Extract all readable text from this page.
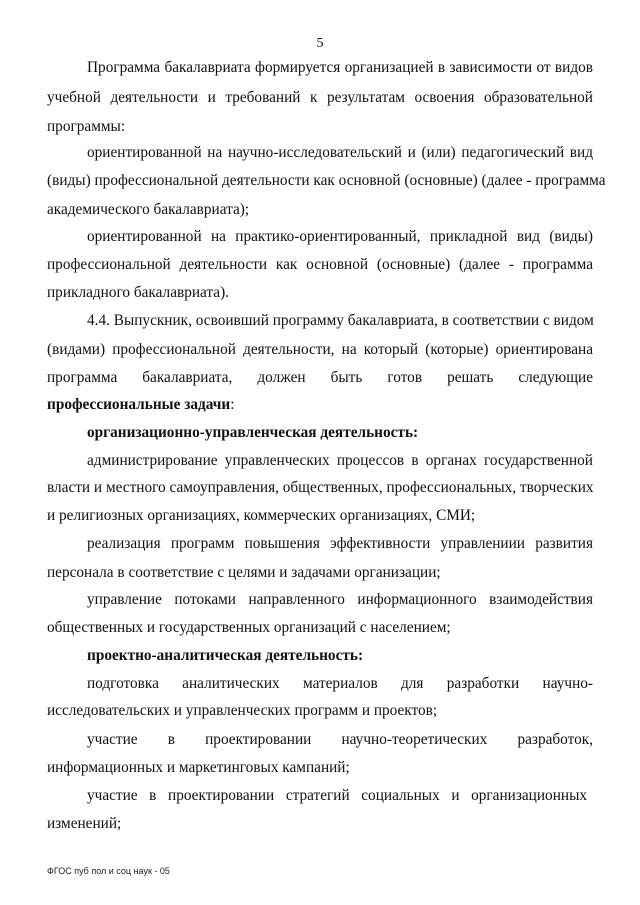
5
Программа бакалавриата формируется организацией в зависимости от видов
учебной деятельности и требований к результатам освоения образовательной
программы:
ориентированной на научно-исследовательский и (или) педагогический вид
(виды) профессиональной деятельности как основной (основные) (далее - программа
академического бакалавриата);
ориентированной на практико-ориентированный, прикладной вид (виды)
профессиональной деятельности как основной (основные) (далее - программа
прикладного бакалавриата).
4.4. Выпускник, освоивший программу бакалавриата, в соответствии с видом
(видами) профессиональной деятельности, на который (которые) ориентирована
программа бакалавриата, должен быть готов решать следующие
профессиональные задачи:
организационно-управленческая деятельность:
администрирование управленческих процессов в органах государственной
власти и местного самоуправления, общественных, профессиональных, творческих
и религиозных организациях, коммерческих организациях, СМИ;
реализация программ повышения эффективности управлениии развития
персонала в соответствие с целями и задачами организации;
управление потоками направленного информационного взаимодействия
общественных и государственных организаций с населением;
проектно-аналитическая деятельность:
подготовка аналитических материалов для разработки научно-
исследовательских и управленческих программ и проектов;
участие в проектировании научно-теоретических разработок,
информационных и маркетинговых кампаний;
участие в проектировании стратегий социальных и организационных
изменений;
ФГОС пуб пол и соц наук - 05
